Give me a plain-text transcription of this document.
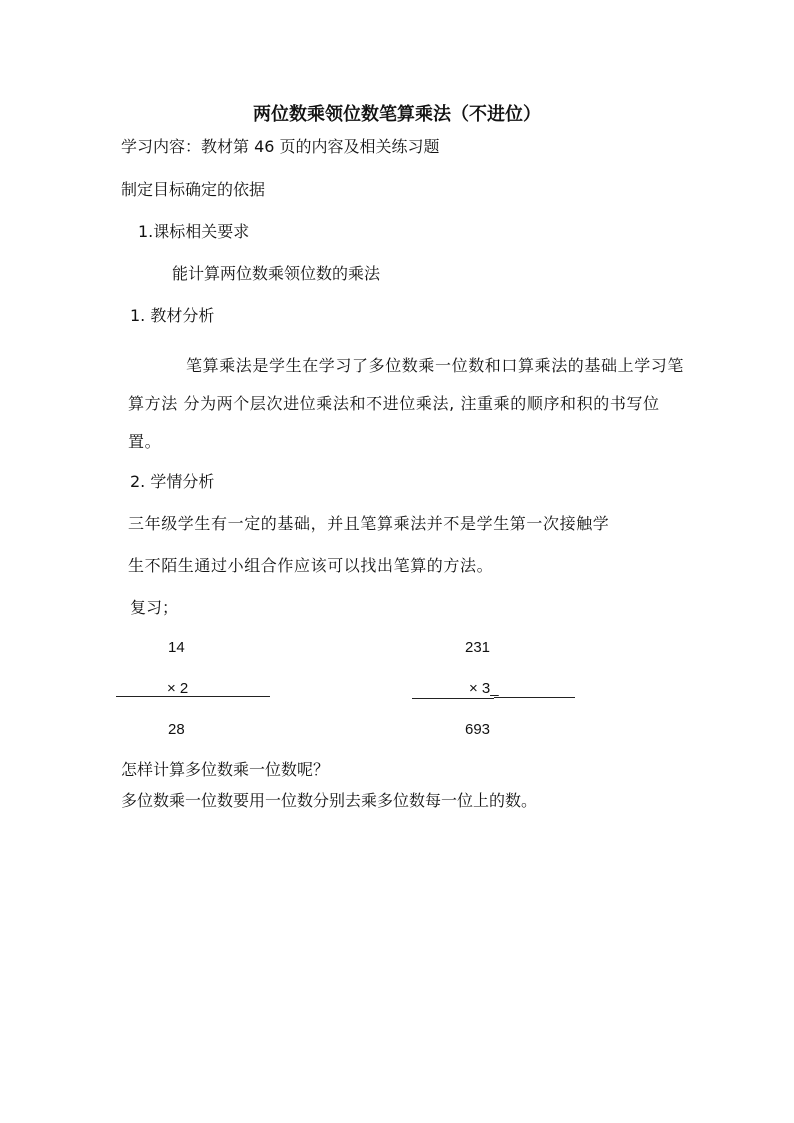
两位数乘领位数笔算乘法（不进位）
学习内容：教材第 46 页的内容及相关练习题
制定目标确定的依据
1.课标相关要求
能计算两位数乘领位数的乘法
1. 教材分析
笔算乘法是学生在学习了多位数乘一位数和口算乘法的基础上学习笔算方法 分为两个层次进位乘法和不进位乘法, 注重乘的顺序和积的书写位置。
2. 学情分析
三年级学生有一定的基础，并且笔算乘法并不是学生第一次接触学
生不陌生通过小组合作应该可以找出笔算的方法。
复习；
14
× 2
28
231
× 3_
693
怎样计算多位数乘一位数呢？
多位数乘一位数要用一位数分别去乘多位数每一位上的数。
